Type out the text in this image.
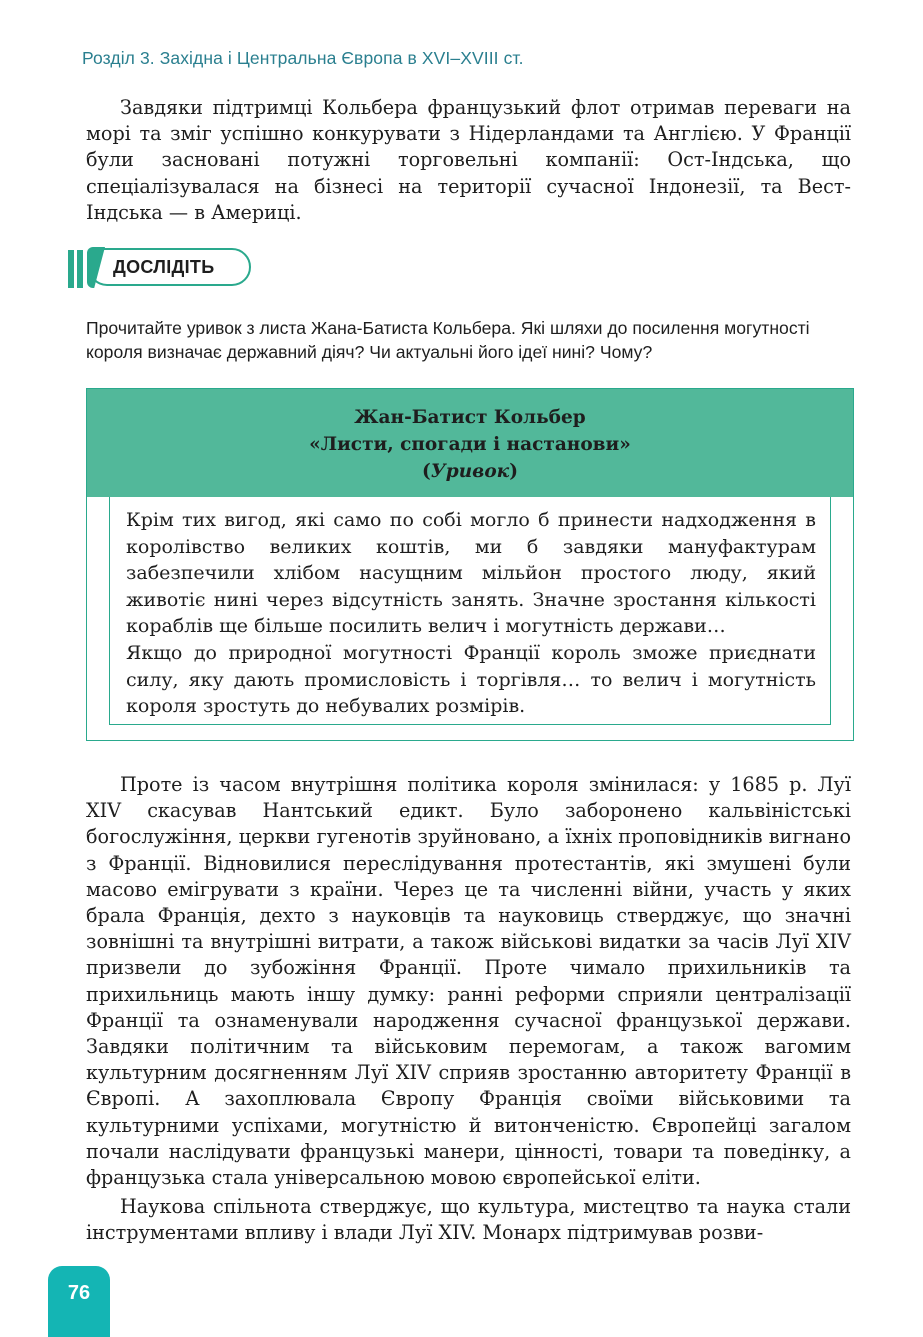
Розділ 3. Західна і Центральна Європа в XVI–XVIII ст.

Завдяки підтримці Кольбера французький флот отримав переваги на морі та зміг успішно конкурувати з Нідерландами та Англією. У Франції були засновані потужні торговельні компанії: Ост-Індська, що спеціалізувалася на бізнесі на території сучасної Індонезії, та Вест-Індська — в Америці.

ДОСЛІДІТЬ

Прочитайте уривок з листа Жана-Батиста Кольбера. Які шляхи до посилення могутності короля визначає державний діяч? Чи актуальні його ідеї нині? Чому?

Жан-Батист Кольбер
«Листи, спогади і настанови»
(Уривок)

Крім тих вигод, які само по собі могло б принести надходження в королівство великих коштів, ми б завдяки мануфактурам забезпечили хлібом насущним мільйон простого люду, який животіє нині через відсутність занять. Значне зростання кількості кораблів ще більше посилить велич і могутність держави…

Якщо до природної могутності Франції король зможе приєднати силу, яку дають промисловість і торгівля… то велич і могутність короля зростуть до небувалих розмірів.

Проте із часом внутрішня політика короля змінилася: у 1685 р. Луї XIV скасував Нантський едикт. Було заборонено кальвіністські богослужіння, церкви гугенотів зруйновано, а їхніх проповідників вигнано з Франції. Відновилися переслідування протестантів, які змушені були масово емігрувати з країни. Через це та численні війни, участь у яких брала Франція, дехто з науковців та науковиць стверджує, що значні зовнішні та внутрішні витрати, а також військові видатки за часів Луї XIV призвели до зубожіння Франції. Проте чимало прихильників та прихильниць мають іншу думку: ранні реформи сприяли централізації Франції та ознаменували народження сучасної французької держави. Завдяки політичним та військовим перемогам, а також вагомим культурним досягненням Луї XIV сприяв зростанню авторитету Франції в Європі. А захоплювала Європу Франція своїми військовими та культурними успіхами, могутністю й витонченістю. Європейці загалом почали наслідувати французькі манери, цінності, товари та поведінку, а французька стала універсальною мовою європейської еліти.

Наукова спільнота стверджує, що культура, мистецтво та наука стали інструментами впливу і влади Луї XIV. Монарх підтримував розви-

76
